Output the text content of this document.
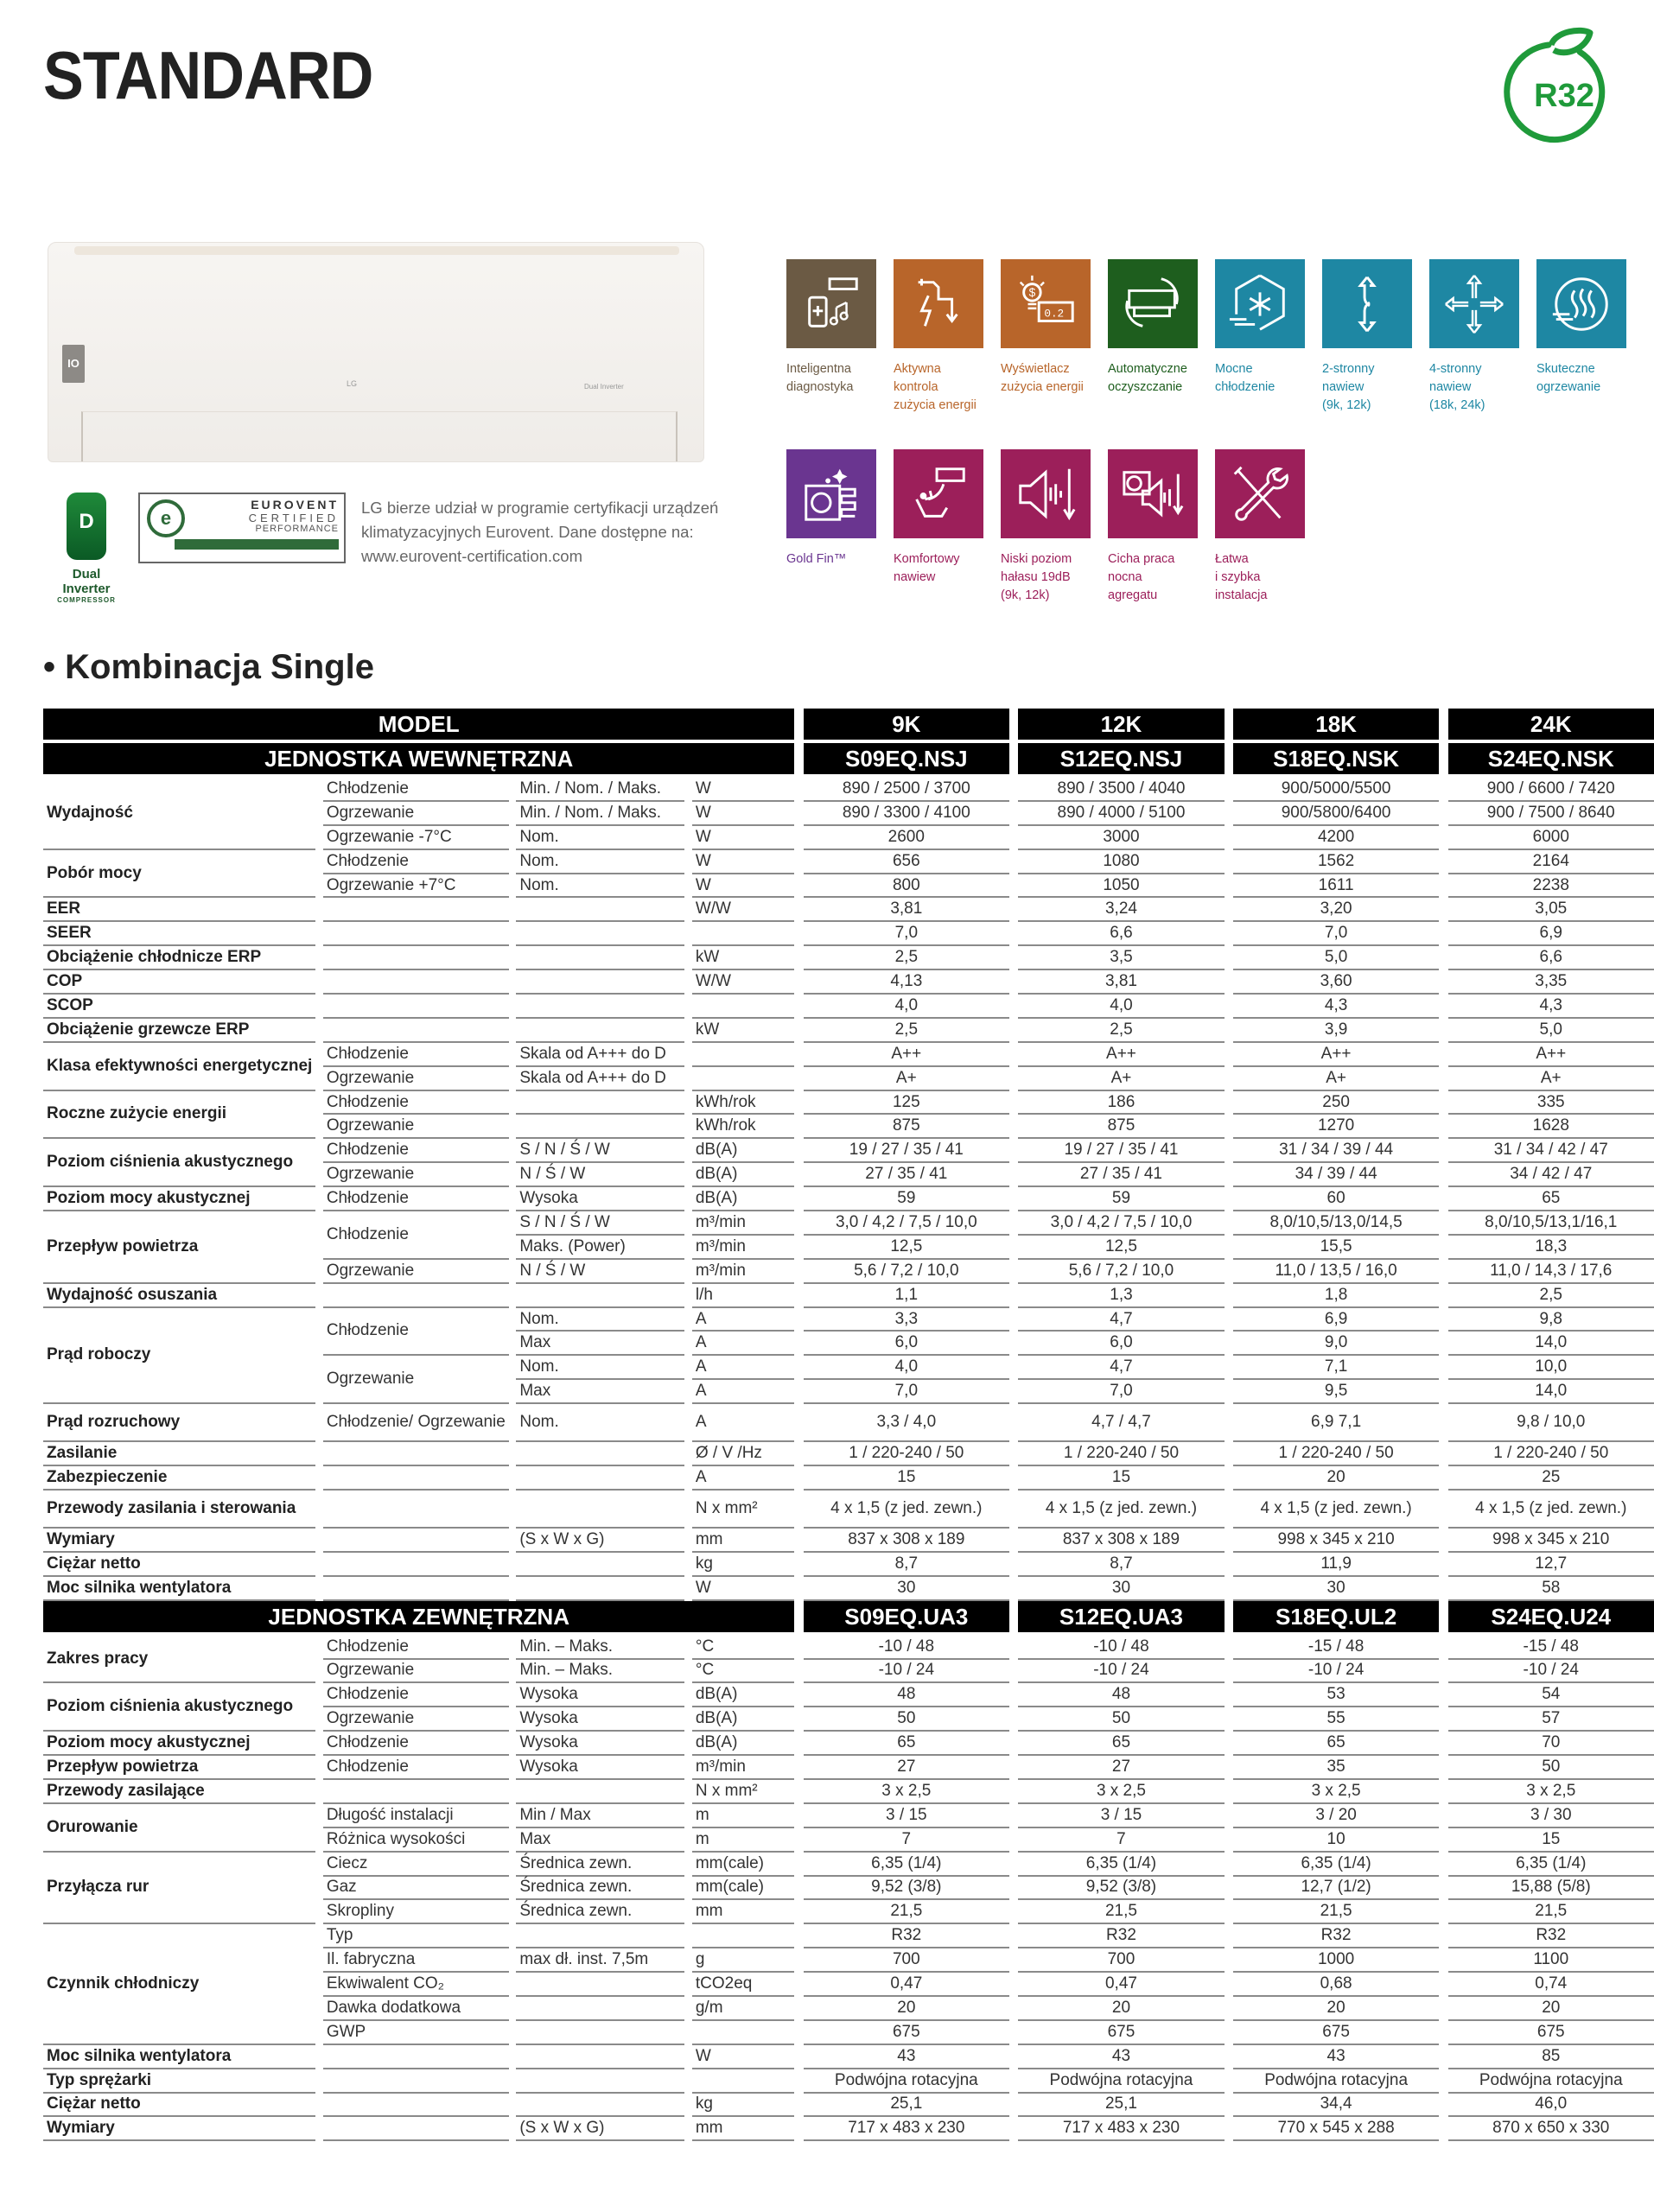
STANDARD	R32
IO
LG	Dual Inverter
D
Dual Inverter
COMPRESSOR
e
EUROVENT
CERTIFIED
PERFORMANCE
LG bierze udział w programie certyfikacji urządzeń klimatyzacyjnych Eurovent. Dane dostępne na: www.eurovent-certification.com
Inteligentna
diagnostyka
Aktywna
kontrola
zużycia energii
$
0.2
Wyświetlacz
zużycia energii
Automatyczne
oczyszczanie
Mocne
chłodzenie
2-stronny
nawiew
(9k, 12k)
4-stronny
nawiew
(18k, 24k)
Skuteczne
ogrzewanie
Gold Fin™	Komfortowy
nawiew
Niski poziom
hałasu 19dB
(9k, 12k)
Cicha praca
nocna
agregatu
Łatwa
i szybka
instalacja
• Kombinacja Single
MODEL								9K		12K		18K		24K
JEDNOSTKA WEWNĘTRZNA								S09EQ.NSJ		S12EQ.NSJ		S18EQ.NSK		S24EQ.NSK
Wydajność		Chłodzenie		Min. / Nom. / Maks.		W		890 / 2500 / 3700		890 / 3500 / 4040		900/5000/5500		900 / 6600 / 7420
		Ogrzewanie		Min. / Nom. / Maks.		W		890 / 3300 / 4100		890 / 4000 / 5100		900/5800/6400		900 / 7500 / 8640
		Ogrzewanie -7°C		Nom.		W		2600		3000		4200		6000
Pobór mocy		Chłodzenie		Nom.		W		656		1080		1562		2164
		Ogrzewanie +7°C		Nom.		W		800		1050		1611		2238
EER						W/W		3,81		3,24		3,20		3,05
SEER								7,0		6,6		7,0		6,9
Obciążenie chłodnicze ERP						kW		2,5		3,5		5,0		6,6
COP						W/W		4,13		3,81		3,60		3,35
SCOP								4,0		4,0		4,3		4,3
Obciążenie grzewcze ERP						kW		2,5		2,5		3,9		5,0
Klasa efektywności energetycznej		Chłodzenie		Skala od A+++ do D				A++		A++		A++		A++
		Ogrzewanie		Skala od A+++ do D				A+		A+		A+		A+
Roczne zużycie energii		Chłodzenie				kWh/rok		125		186		250		335
		Ogrzewanie				kWh/rok		875		875		1270		1628
Poziom ciśnienia akustycznego		Chłodzenie		S / N / Ś / W		dB(A)		19 / 27 / 35 / 41		19 / 27 / 35 / 41		31 / 34 / 39 / 44		31 / 34 / 42 / 47
		Ogrzewanie		N / Ś / W		dB(A)		27 / 35 / 41		27 / 35 / 41		34 / 39 / 44		34 / 42 / 47
Poziom mocy akustycznej		Chłodzenie		Wysoka		dB(A)		59		59		60		65
Przepływ powietrza		Chłodzenie		S / N / Ś / W		m³/min		3,0 / 4,2 / 7,5 / 10,0		3,0 / 4,2 / 7,5 / 10,0		8,0/10,5/13,0/14,5		8,0/10,5/13,1/16,1
				Maks. (Power)		m³/min		12,5		12,5		15,5		18,3
		Ogrzewanie		N / Ś / W		m³/min		5,6 / 7,2 / 10,0		5,6 / 7,2 / 10,0		11,0 / 13,5 / 16,0		11,0 / 14,3 / 17,6
Wydajność osuszania						l/h		1,1		1,3		1,8		2,5
Prąd roboczy		Chłodzenie		Nom.		A		3,3		4,7		6,9		9,8
				Max		A		6,0		6,0		9,0		14,0
		Ogrzewanie		Nom.		A		4,0		4,7		7,1		10,0
				Max		A		7,0		7,0		9,5		14,0
Prąd rozruchowy		Chłodzenie/ Ogrzewanie		Nom.		A		3,3 / 4,0		4,7 / 4,7		6,9 7,1		9,8 / 10,0
Zasilanie						Ø / V /Hz		1 / 220-240 / 50		1 / 220-240 / 50		1 / 220-240 / 50		1 / 220-240 / 50
Zabezpieczenie						A		15		15		20		25
Przewody zasilania i sterowania						N x mm²		4 x 1,5 (z jed. zewn.)		4 x 1,5 (z jed. zewn.)		4 x 1,5 (z jed. zewn.)		4 x 1,5 (z jed. zewn.)
Wymiary				(S x W x G)		mm		837 x 308 x 189		837 x 308 x 189		998 x 345 x 210		998 x 345 x 210
Ciężar netto						kg		8,7		8,7		11,9		12,7
Moc silnika wentylatora						W		30		30		30		58
JEDNOSTKA ZEWNĘTRZNA								S09EQ.UA3		S12EQ.UA3		S18EQ.UL2		S24EQ.U24
Zakres pracy		Chłodzenie		Min. – Maks.		°C		-10 / 48		-10 / 48		-15 / 48		-15 / 48
		Ogrzewanie		Min. – Maks.		°C		-10 / 24		-10 / 24		-10 / 24		-10 / 24
Poziom ciśnienia akustycznego		Chłodzenie		Wysoka		dB(A)		48		48		53		54
		Ogrzewanie		Wysoka		dB(A)		50		50		55		57
Poziom mocy akustycznej		Chłodzenie		Wysoka		dB(A)		65		65		65		70
Przepływ powietrza		Chłodzenie		Wysoka		m³/min		27		27		35		50
Przewody zasilające						N x mm²		3 x 2,5		3 x 2,5		3 x 2,5		3 x 2,5
Orurowanie		Długość instalacji		Min / Max		m		3 / 15		3 / 15		3 / 20		3 / 30
		Różnica wysokości		Max		m		7		7		10		15
Przyłącza rur		Ciecz		Średnica zewn.		mm(cale)		6,35 (1/4)		6,35 (1/4)		6,35 (1/4)		6,35 (1/4)
		Gaz		Średnica zewn.		mm(cale)		9,52 (3/8)		9,52 (3/8)		12,7 (1/2)		15,88 (5/8)
		Skropliny		Średnica zewn.		mm		21,5		21,5		21,5		21,5
Czynnik chłodniczy		Typ						R32		R32		R32		R32
		Il. fabryczna		max dł. inst. 7,5m		g		700		700		1000		1100
		Ekwiwalent CO₂				tCO2eq		0,47		0,47		0,68		0,74
		Dawka dodatkowa				g/m		20		20		20		20
		GWP						675		675		675		675
Moc silnika wentylatora						W		43		43		43		85
Typ sprężarki								Podwójna rotacyjna		Podwójna rotacyjna		Podwójna rotacyjna		Podwójna rotacyjna
Ciężar netto						kg		25,1		25,1		34,4		46,0
Wymiary				(S x W x G)		mm		717 x 483 x 230		717 x 483 x 230		770 x 545 x 288		870 x 650 x 330
